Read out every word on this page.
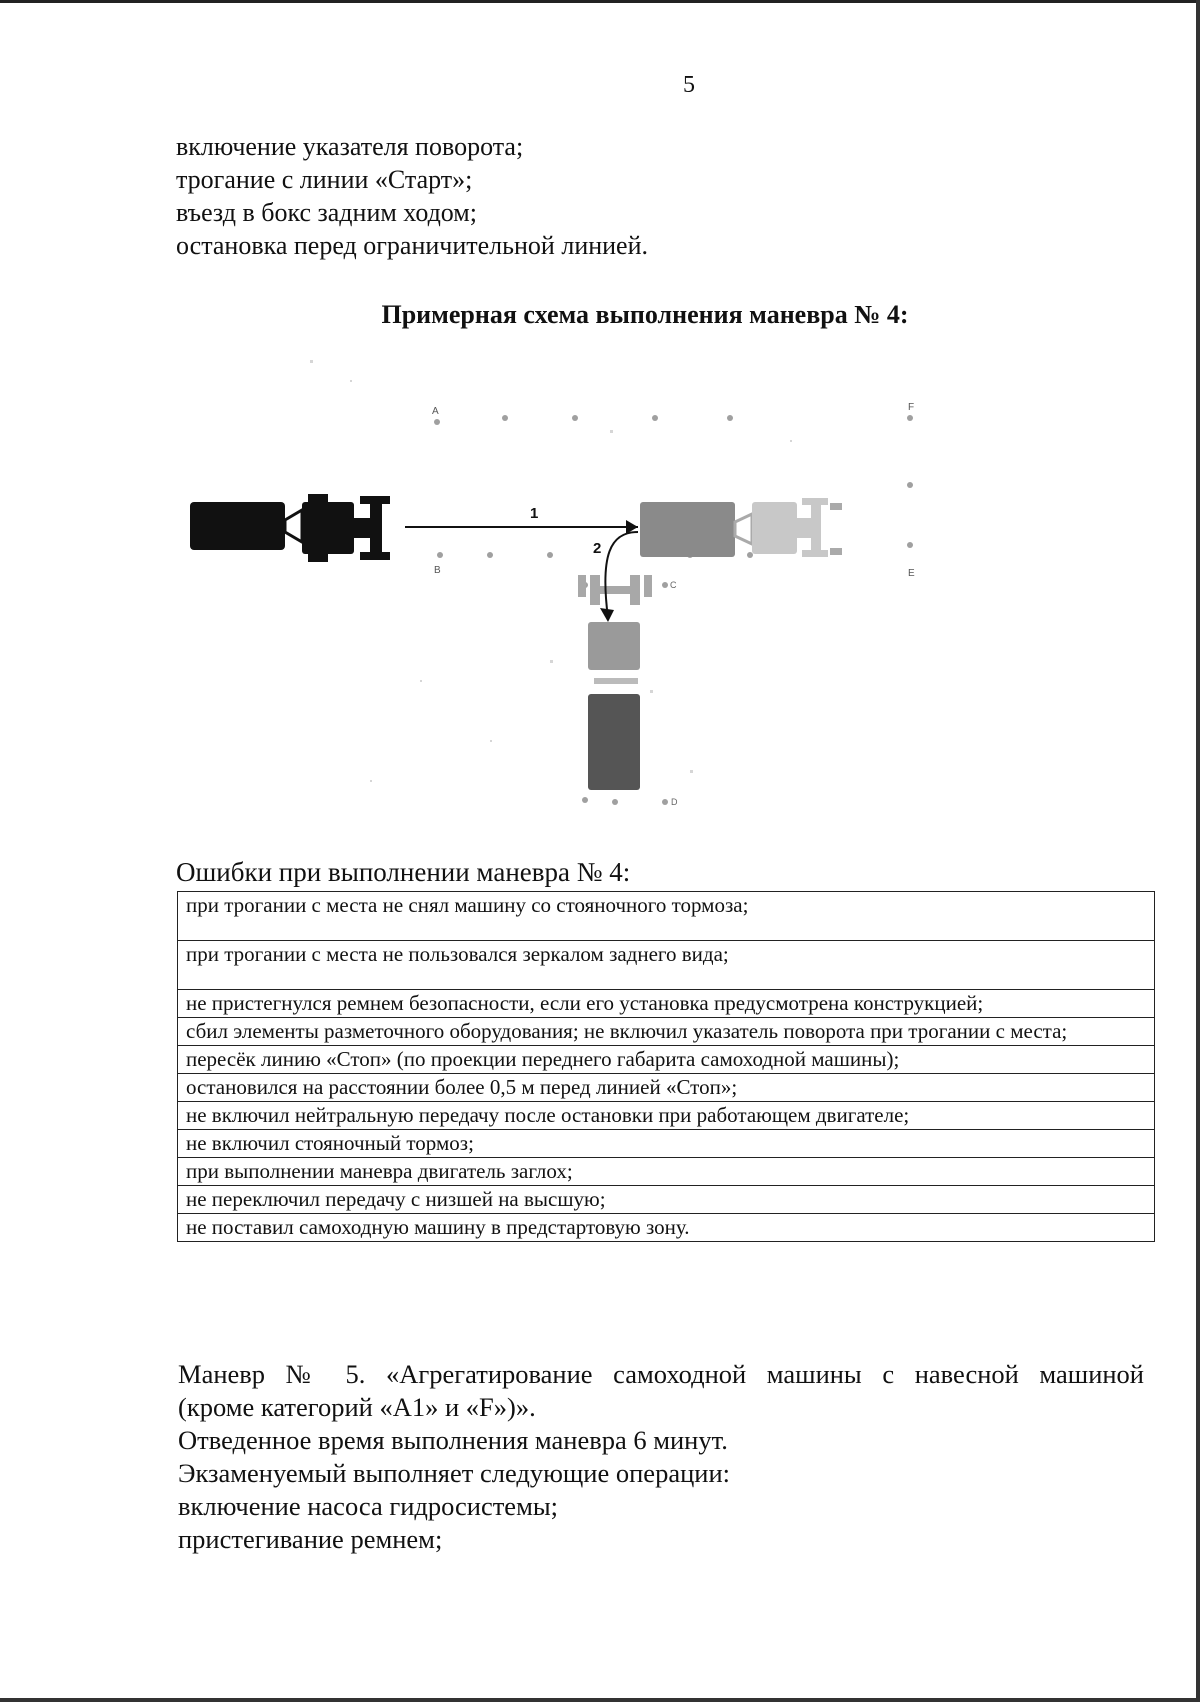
5
включение указателя поворота;
трогание с линии «Старт»;
въезд в бокс задним ходом;
остановка перед ограничительной линией.
Примерная схема выполнения маневра № 4:
A
B
F
E
C
D
1
2
Ошибки при выполнении маневра № 4:
при трогании с места не снял машину со стояночного тормоза;
при трогании с места не пользовался зеркалом заднего вида;
не пристегнулся ремнем безопасности, если его установка предусмотрена конструкцией;
сбил элементы разметочного оборудования; не включил указатель поворота при трогании с места;
пересёк линию «Стоп» (по проекции переднего габарита самоходной машины);
остановился на расстоянии более 0,5 м перед линией «Стоп»;
не включил нейтральную передачу после остановки при работающем двигателе;
не включил стояночный тормоз;
при выполнении маневра двигатель заглох;
не переключил передачу с низшей на высшую;
не поставил самоходную машину в предстартовую зону.

Маневр № 5. «Агрегатирование самоходной машины с навесной машиной

(кроме категорий «A1» и «F»)».

Отведенное время выполнения маневра 6 минут.

Экзаменуемый выполняет следующие операции:

включение насоса гидросистемы;

пристегивание ремнем;
